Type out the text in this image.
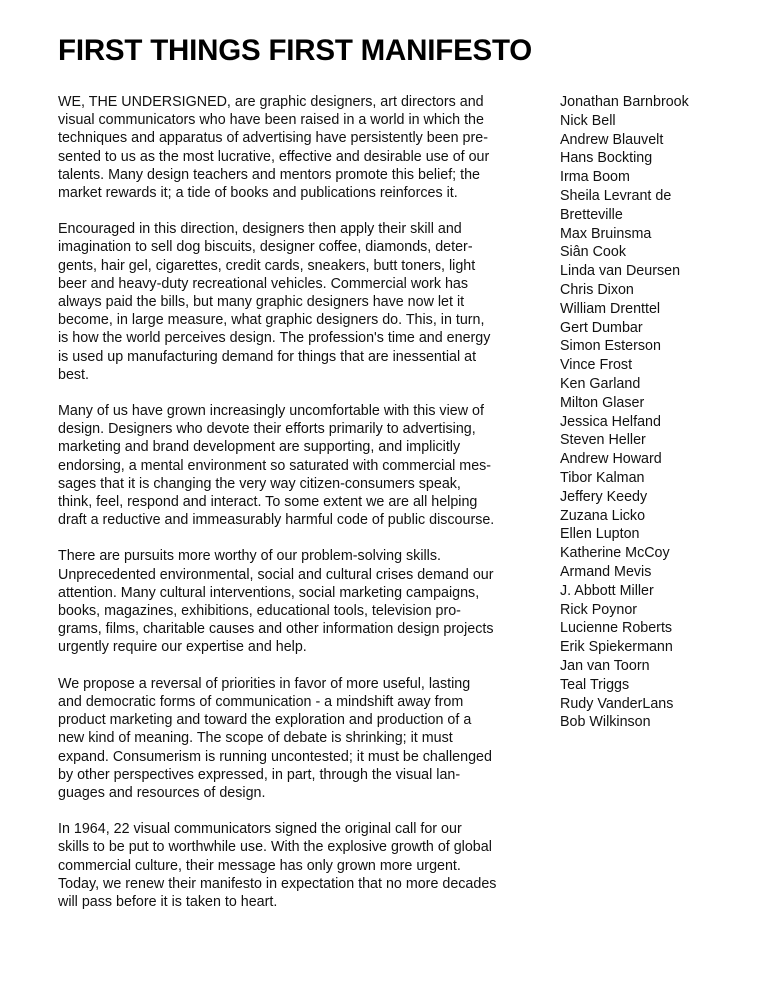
FIRST THINGS FIRST MANIFESTO

WE, THE UNDERSIGNED, are graphic designers, art directors and
visual communicators who have been raised in a world in which the
techniques and apparatus of advertising have persistently been pre-
sented to us as the most lucrative, effective and desirable use of our
talents. Many design teachers and mentors promote this belief; the
market rewards it; a tide of books and publications reinforces it.

Encouraged in this direction, designers then apply their skill and
imagination to sell dog biscuits, designer coffee, diamonds, deter-
gents, hair gel, cigarettes, credit cards, sneakers, butt toners, light
beer and heavy-duty recreational vehicles. Commercial work has
always paid the bills, but many graphic designers have now let it
become, in large measure, what graphic designers do. This, in turn,
is how the world perceives design. The profession's time and energy
is used up manufacturing demand for things that are inessential at
best.

Many of us have grown increasingly uncomfortable with this view of
design. Designers who devote their efforts primarily to advertising,
marketing and brand development are supporting, and implicitly
endorsing, a mental environment so saturated with commercial mes-
sages that it is changing the very way citizen-consumers speak,
think, feel, respond and interact. To some extent we are all helping
draft a reductive and immeasurably harmful code of public discourse.

There are pursuits more worthy of our problem-solving skills.
Unprecedented environmental, social and cultural crises demand our
attention. Many cultural interventions, social marketing campaigns,
books, magazines, exhibitions, educational tools, television pro-
grams, films, charitable causes and other information design projects
urgently require our expertise and help.

We propose a reversal of priorities in favor of more useful, lasting
and democratic forms of communication - a mindshift away from
product marketing and toward the exploration and production of a
new kind of meaning. The scope of debate is shrinking; it must
expand. Consumerism is running uncontested; it must be challenged
by other perspectives expressed, in part, through the visual lan-
guages and resources of design.

In 1964, 22 visual communicators signed the original call for our
skills to be put to worthwhile use. With the explosive growth of global
commercial culture, their message has only grown more urgent.
Today, we renew their manifesto in expectation that no more decades
will pass before it is taken to heart.

Jonathan Barnbrook
Nick Bell
Andrew Blauvelt
Hans Bockting
Irma Boom
Sheila Levrant de
Bretteville
Max Bruinsma
Siân Cook
Linda van Deursen
Chris Dixon
William Drenttel
Gert Dumbar
Simon Esterson
Vince Frost
Ken Garland
Milton Glaser
Jessica Helfand
Steven Heller
Andrew Howard
Tibor Kalman
Jeffery Keedy
Zuzana Licko
Ellen Lupton
Katherine McCoy
Armand Mevis
J. Abbott Miller
Rick Poynor
Lucienne Roberts
Erik Spiekermann
Jan van Toorn
Teal Triggs
Rudy VanderLans
Bob Wilkinson
